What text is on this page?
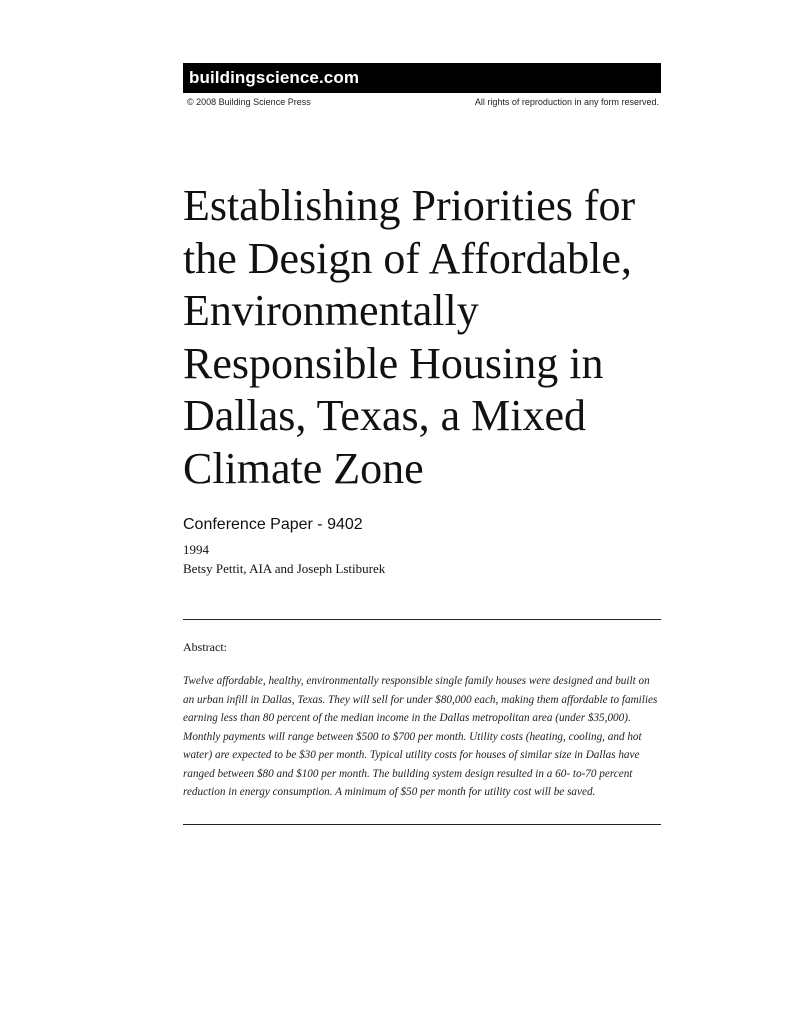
buildingscience.com
© 2008 Building Science Press	All rights of reproduction in any form reserved.
Establishing Priorities for the Design of Affordable, Environmentally Responsible Housing in Dallas, Texas, a Mixed Climate Zone
Conference Paper - 9402
1994
Betsy Pettit, AIA and Joseph Lstiburek
Abstract:

Twelve affordable, healthy, environmentally responsible single family houses were designed and built on an urban infill in Dallas, Texas. They will sell for under $80,000 each, making them affordable to families earning less than 80 percent of the median income in the Dallas metropolitan area (under $35,000). Monthly payments will range between $500 to $700 per month. Utility costs (heating, cooling, and hot water) are expected to be $30 per month. Typical utility costs for houses of similar size in Dallas have ranged between $80 and $100 per month. The building system design resulted in a 60- to-70 percent reduction in energy consumption. A minimum of $50 per month for utility cost will be saved.
